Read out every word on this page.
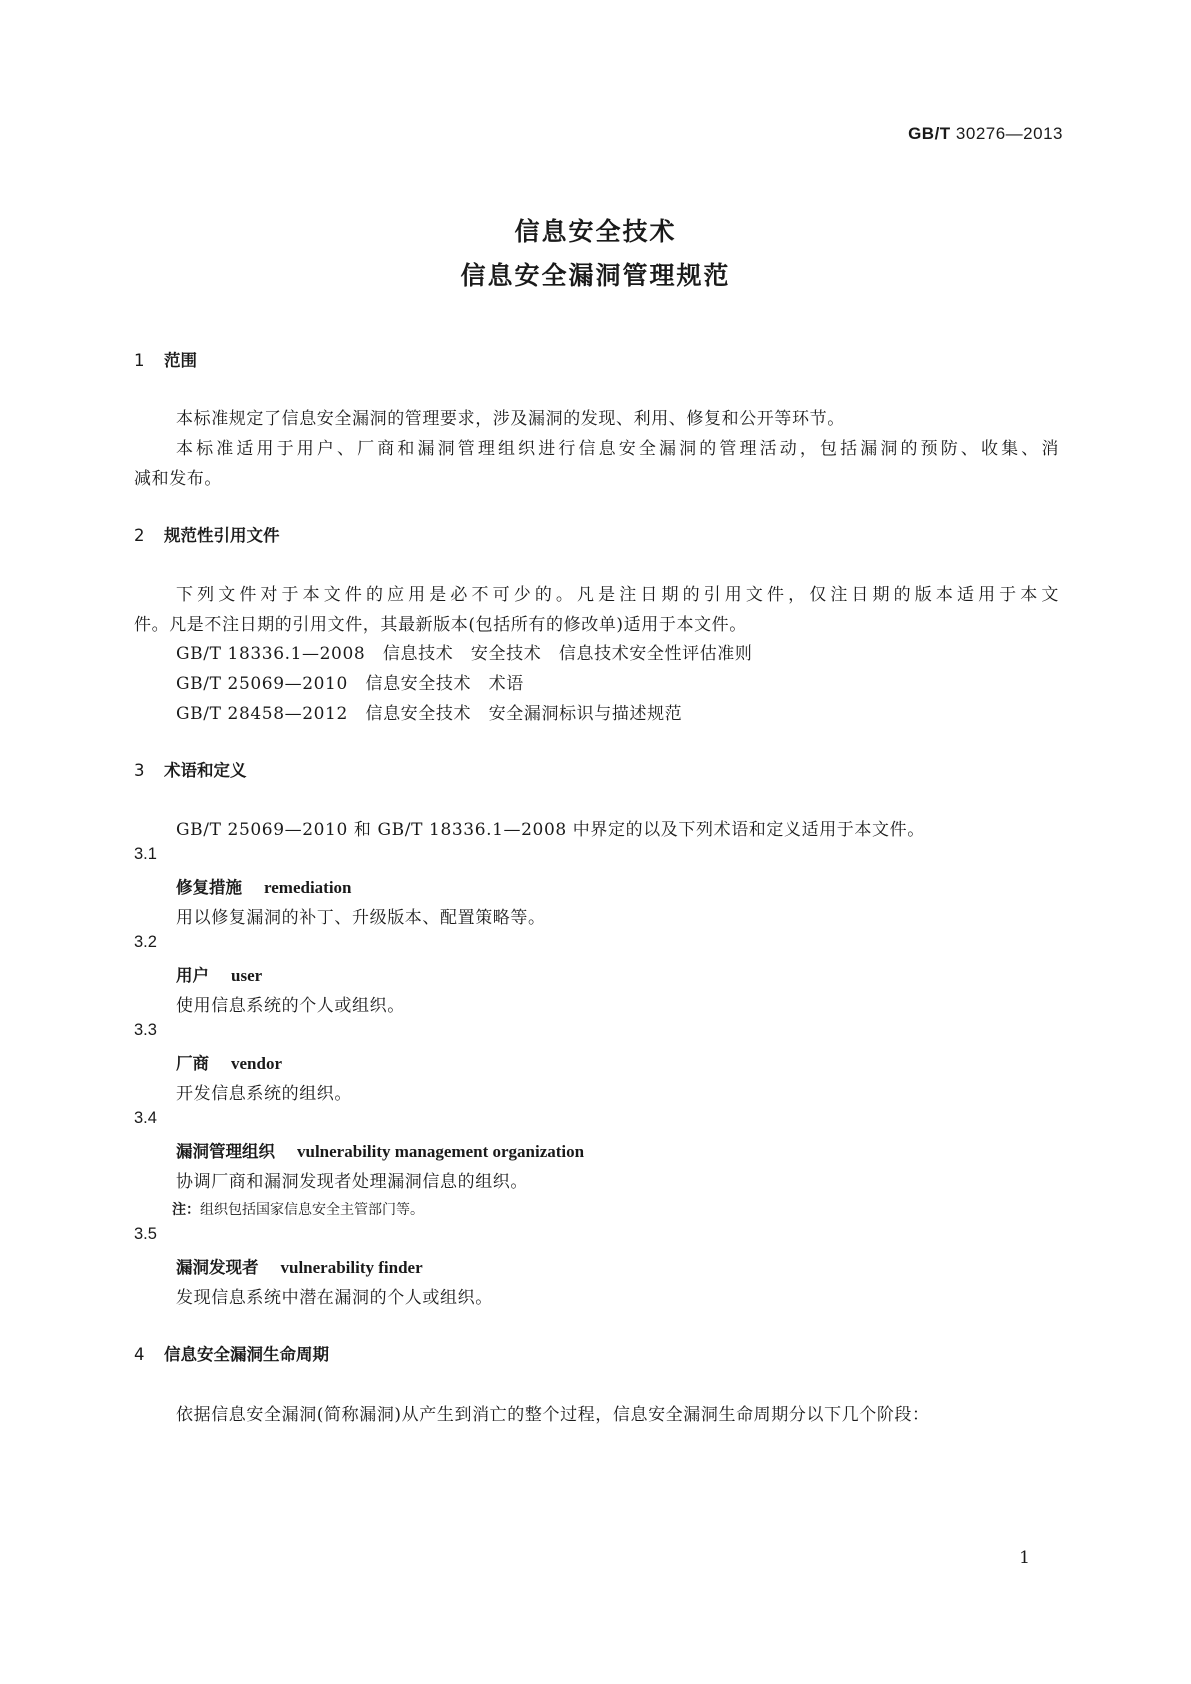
GB/T 30276—2013
信息安全技术
信息安全漏洞管理规范
1 范围
本标准规定了信息安全漏洞的管理要求，涉及漏洞的发现、利用、修复和公开等环节。
本标准适用于用户、厂商和漏洞管理组织进行信息安全漏洞的管理活动，包括漏洞的预防、收集、消
减和发布。
2 规范性引用文件
下列文件对于本文件的应用是必不可少的。凡是注日期的引用文件，仅注日期的版本适用于本文
件。凡是不注日期的引用文件，其最新版本(包括所有的修改单)适用于本文件。
GB/T 18336.1—2008　信息技术　安全技术　信息技术安全性评估准则
GB/T 25069—2010　信息安全技术　术语
GB/T 28458—2012　信息安全技术　安全漏洞标识与描述规范
3 术语和定义
GB/T 25069—2010 和 GB/T 18336.1—2008 中界定的以及下列术语和定义适用于本文件。
3.1
修复措施 remediation
用以修复漏洞的补丁、升级版本、配置策略等。
3.2
用户 user
使用信息系统的个人或组织。
3.3
厂商 vendor
开发信息系统的组织。
3.4
漏洞管理组织 vulnerability management organization
协调厂商和漏洞发现者处理漏洞信息的组织。
注：组织包括国家信息安全主管部门等。
3.5
漏洞发现者 vulnerability finder
发现信息系统中潜在漏洞的个人或组织。
4 信息安全漏洞生命周期
依据信息安全漏洞(简称漏洞)从产生到消亡的整个过程，信息安全漏洞生命周期分以下几个阶段：
1
